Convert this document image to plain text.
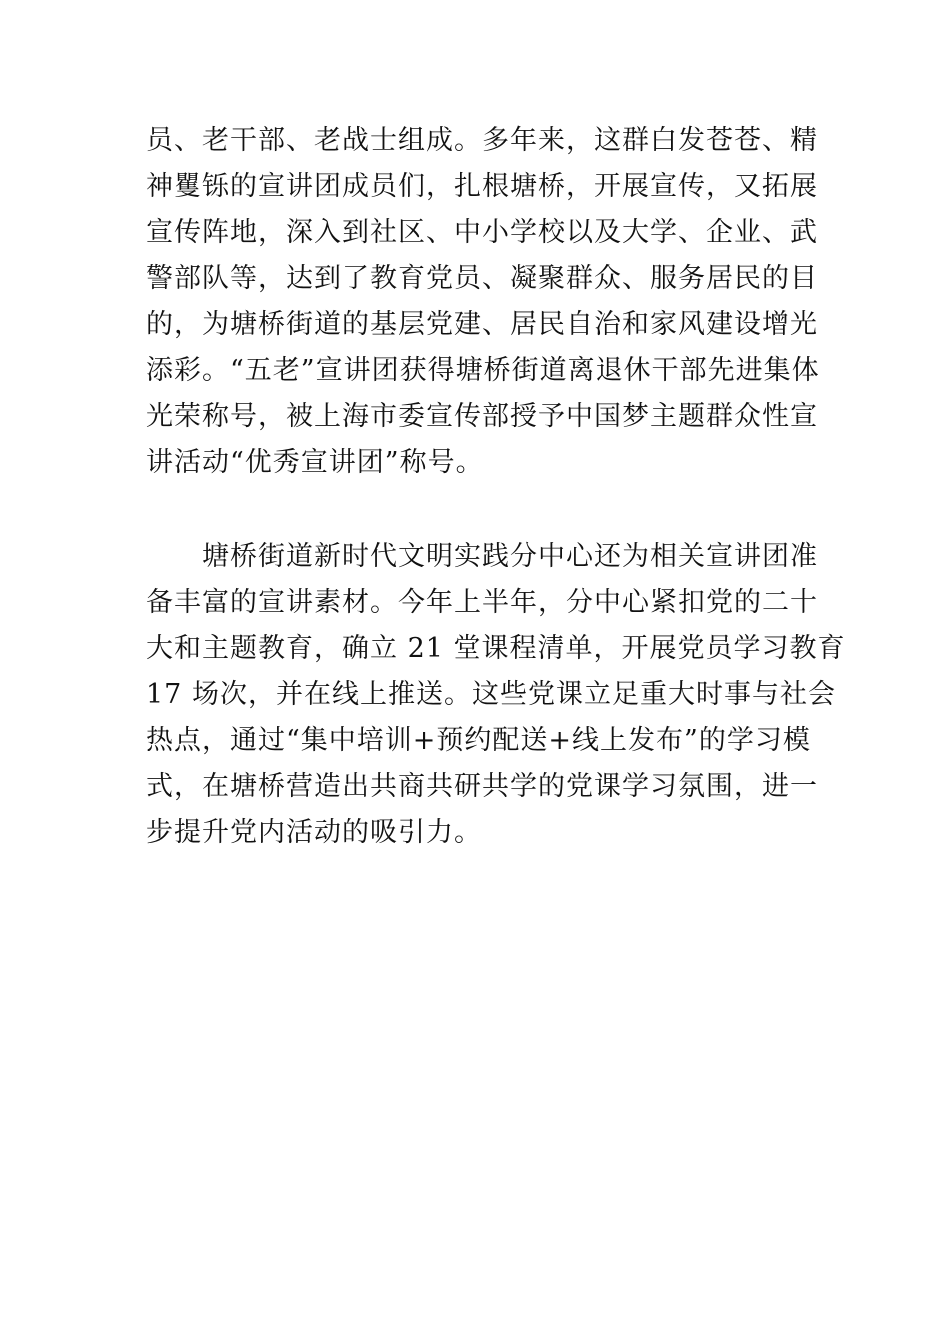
员、老干部、老战士组成。多年来，这群白发苍苍、精
神矍铄的宣讲团成员们，扎根塘桥，开展宣传，又拓展
宣传阵地，深入到社区、中小学校以及大学、企业、武
警部队等，达到了教育党员、凝聚群众、服务居民的目
的，为塘桥街道的基层党建、居民自治和家风建设增光
添彩。“五老”宣讲团获得塘桥街道离退休干部先进集体
光荣称号，被上海市委宣传部授予中国梦主题群众性宣
讲活动“优秀宣讲团”称号。
　　塘桥街道新时代文明实践分中心还为相关宣讲团准
备丰富的宣讲素材。今年上半年，分中心紧扣党的二十
大和主题教育，确立 21 堂课程清单，开展党员学习教育
17 场次，并在线上推送。这些党课立足重大时事与社会
热点，通过“集中培训+预约配送+线上发布”的学习模
式，在塘桥营造出共商共研共学的党课学习氛围，进一
步提升党内活动的吸引力。
